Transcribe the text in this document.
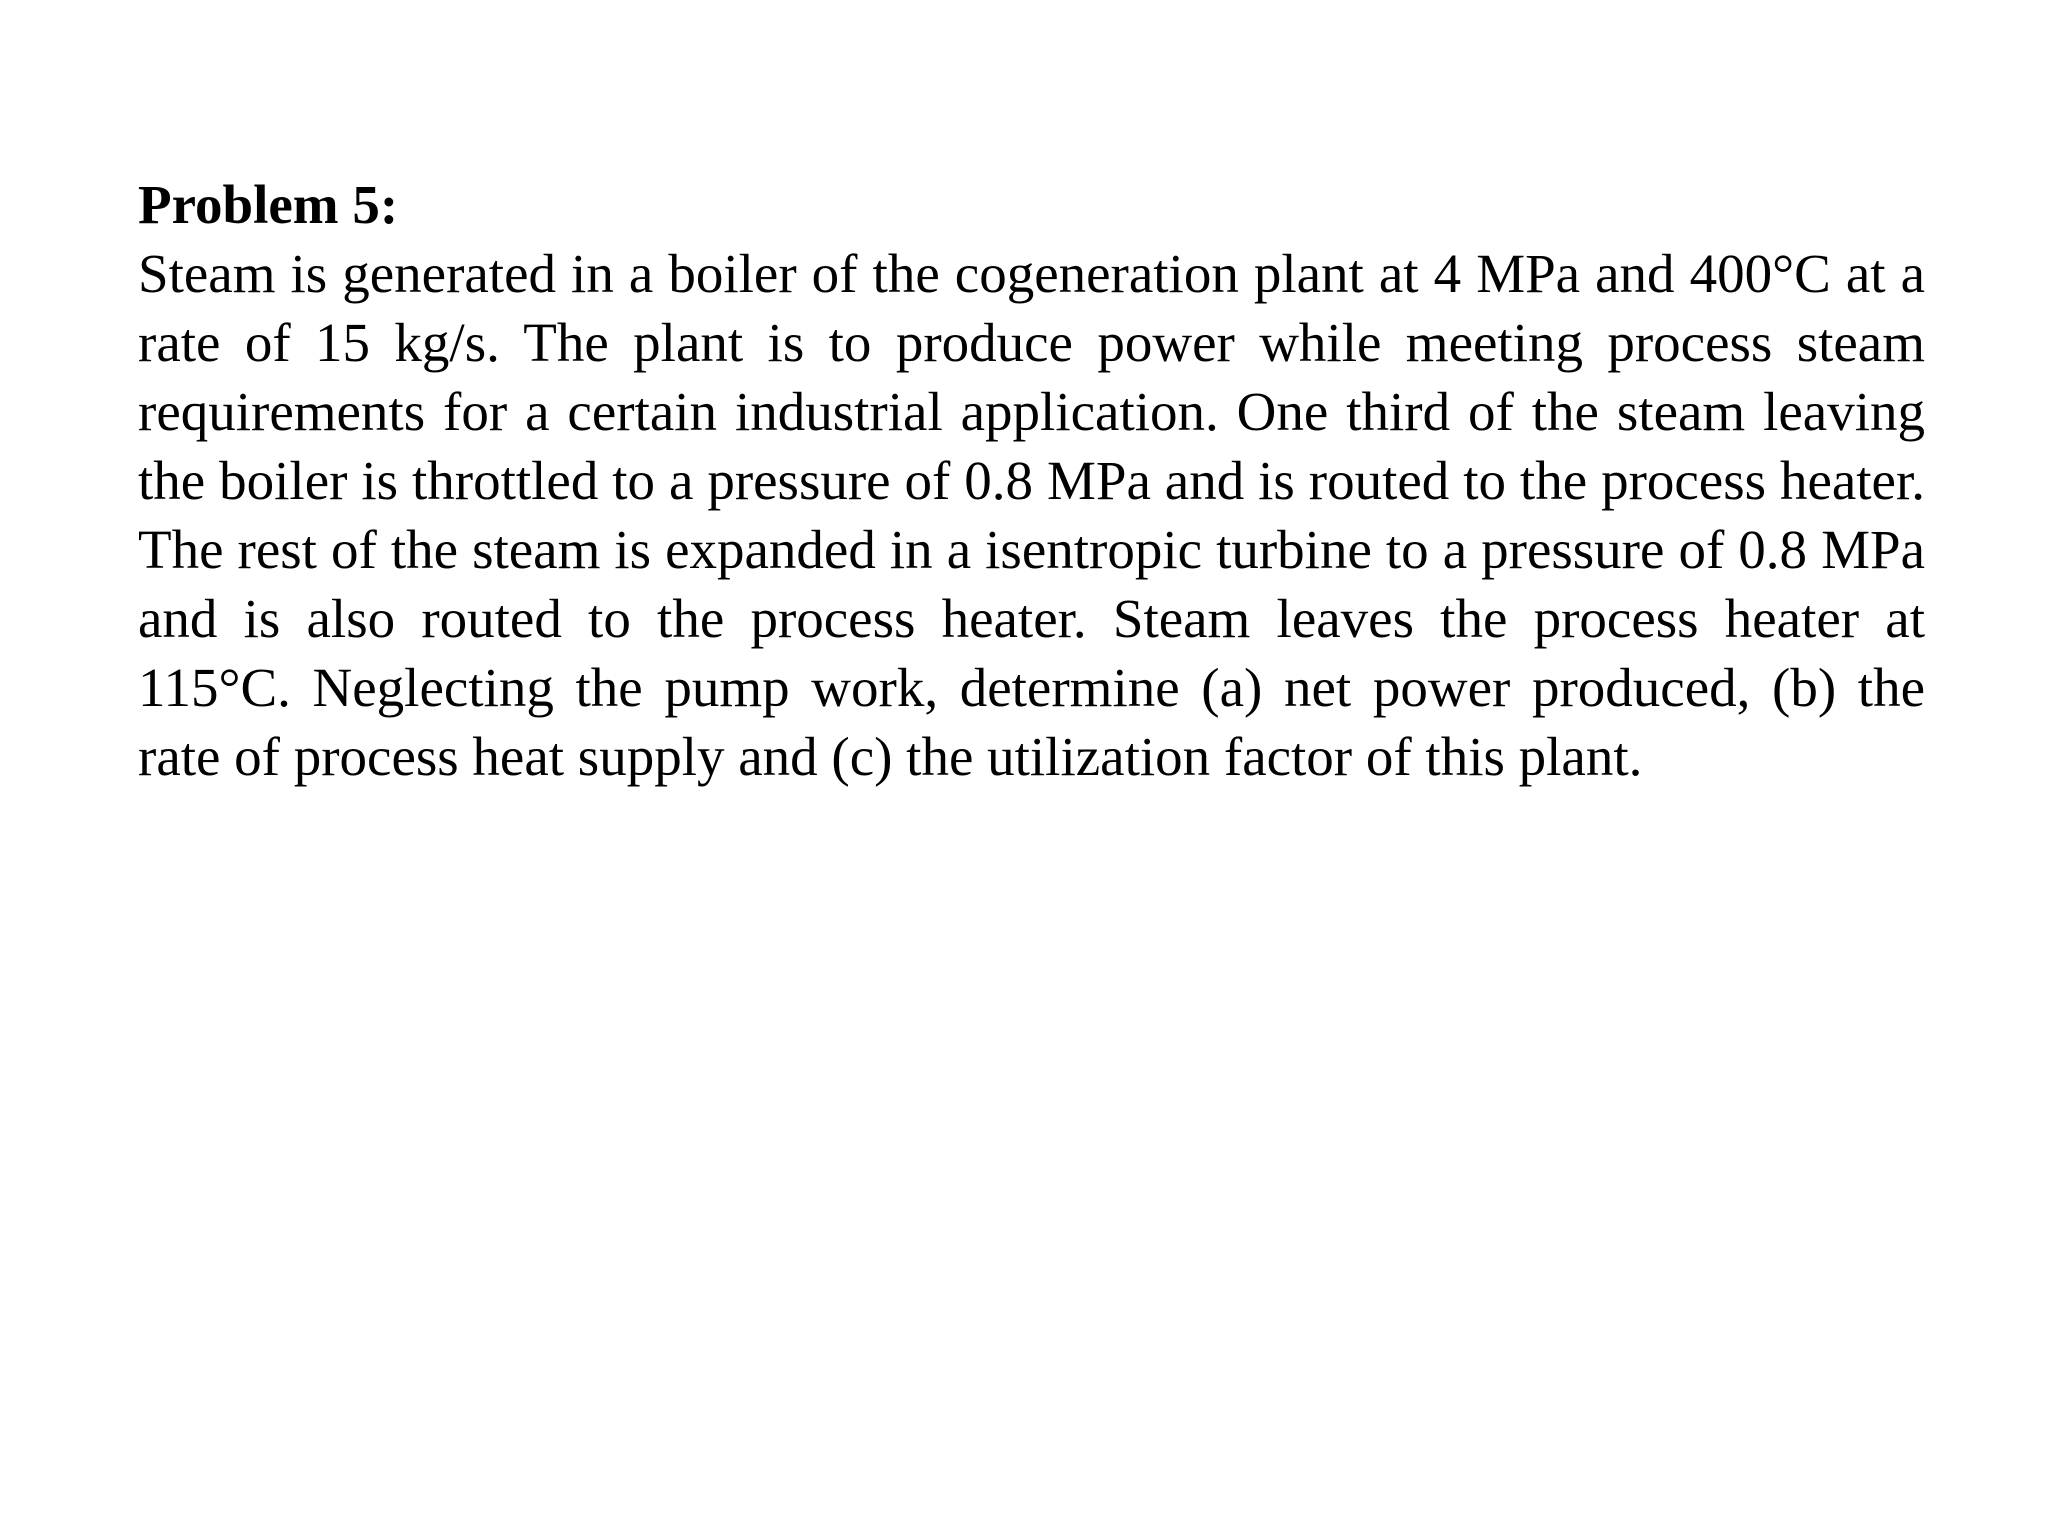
Problem 5:

Steam is generated in a boiler of the cogeneration plant at 4 MPa and 400°C at a rate of 15 kg/s. The plant is to produce power while meeting process steam requirements for a certain industrial application. One third of the steam leaving the boiler is throttled to a pressure of 0.8 MPa and is routed to the process heater. The rest of the steam is expanded in a isentropic turbine to a pressure of 0.8 MPa and is also routed to the process heater. Steam leaves the process heater at 115°C. Neglecting the pump work, determine (a) net power produced, (b) the rate of process heat supply and (c) the utilization factor of this plant.
